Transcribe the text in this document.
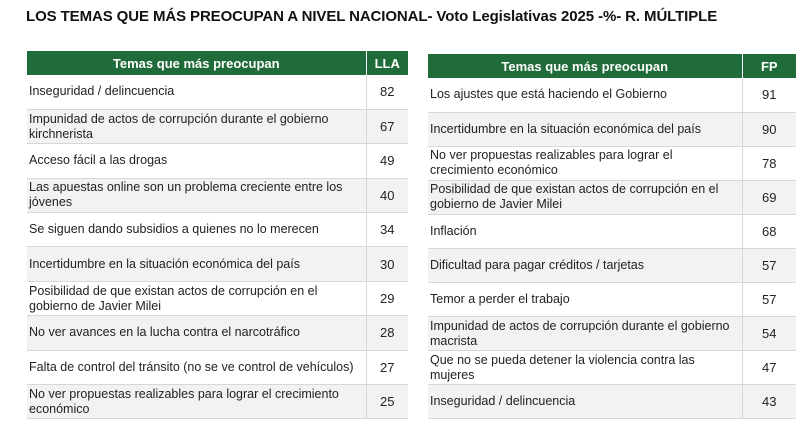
LOS TEMAS QUE MÁS PREOCUPAN A NIVEL NACIONAL- Voto Legislativas 2025 -%- R. MÚLTIPLE
Temas que más preocupan	LLA
Inseguridad / delincuencia	82
Impunidad de actos de corrupción durante el gobierno kirchnerista	67
Acceso fácil a las drogas	49
Las apuestas online son un problema creciente entre los jóvenes	40
Se siguen dando subsidios a quienes no lo merecen	34
Incertidumbre en la situación económica del país	30
Posibilidad de que existan actos de corrupción en el gobierno de Javier Milei	29
No ver avances en la lucha contra el narcotráfico	28
Falta de control del tránsito (no se ve control de vehículos)	27
No ver propuestas realizables para lograr el crecimiento económico	25
Temas que más preocupan	FP
Los ajustes que está haciendo el Gobierno	91
Incertidumbre en la situación económica del país	90
No ver propuestas realizables para lograr el crecimiento económico	78
Posibilidad de que existan actos de corrupción en el gobierno de Javier Milei	69
Inflación	68
Dificultad para pagar créditos / tarjetas	57
Temor a perder el trabajo	57
Impunidad de actos de corrupción durante el gobierno macrista	54
Que no se pueda detener la violencia contra las mujeres	47
Inseguridad / delincuencia	43
